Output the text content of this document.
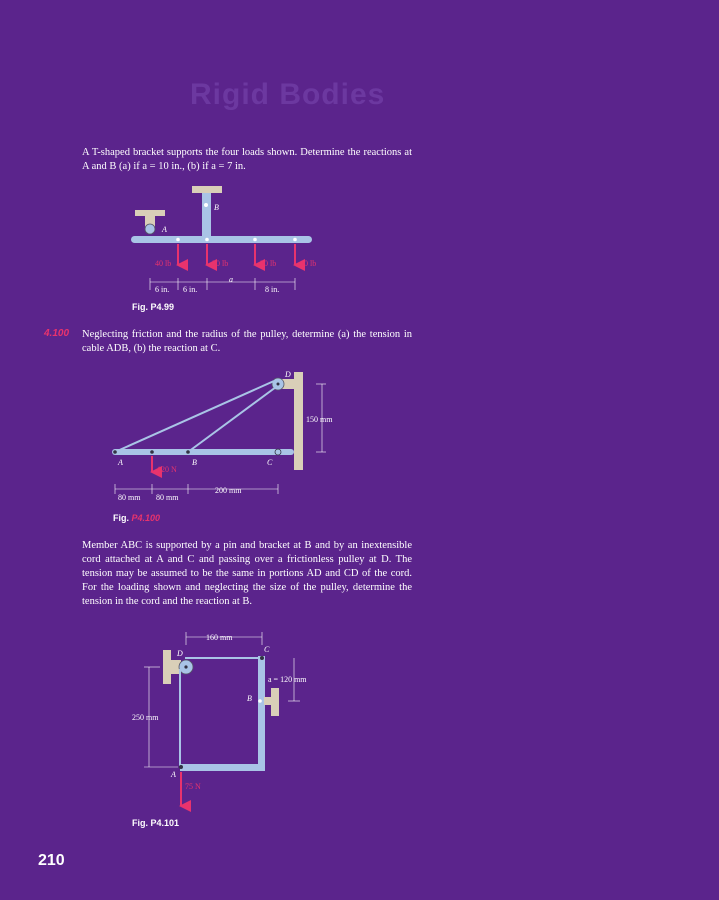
Rigid Bodies
A T-shaped bracket supports the four loads shown. Determine the reactions at A and B (a) if a = 10 in., (b) if a = 7 in.
A
B
40 lb	50 lb	30 lb	10 lb
a
6 in. 6 in.	8 in.
D
A	B	C
120 N
150 mm
80 mm 80 mm
200 mm
D	C
A
B
75 N
160 mm
a = 120 mm
250 mm
Fig. P4.99
4.100 Neglecting friction and the radius of the pulley, determine (a) the tension in cable ADB, (b) the reaction at C.
Fig. P4.100
Member ABC is supported by a pin and bracket at B and by an inextensible cord attached at A and C and passing over a frictionless pulley at D. The tension may be assumed to be the same in portions AD and CD of the cord. For the loading shown and neglecting the size of the pulley, determine the tension in the cord and the reaction at B.
Fig. P4.101
210
